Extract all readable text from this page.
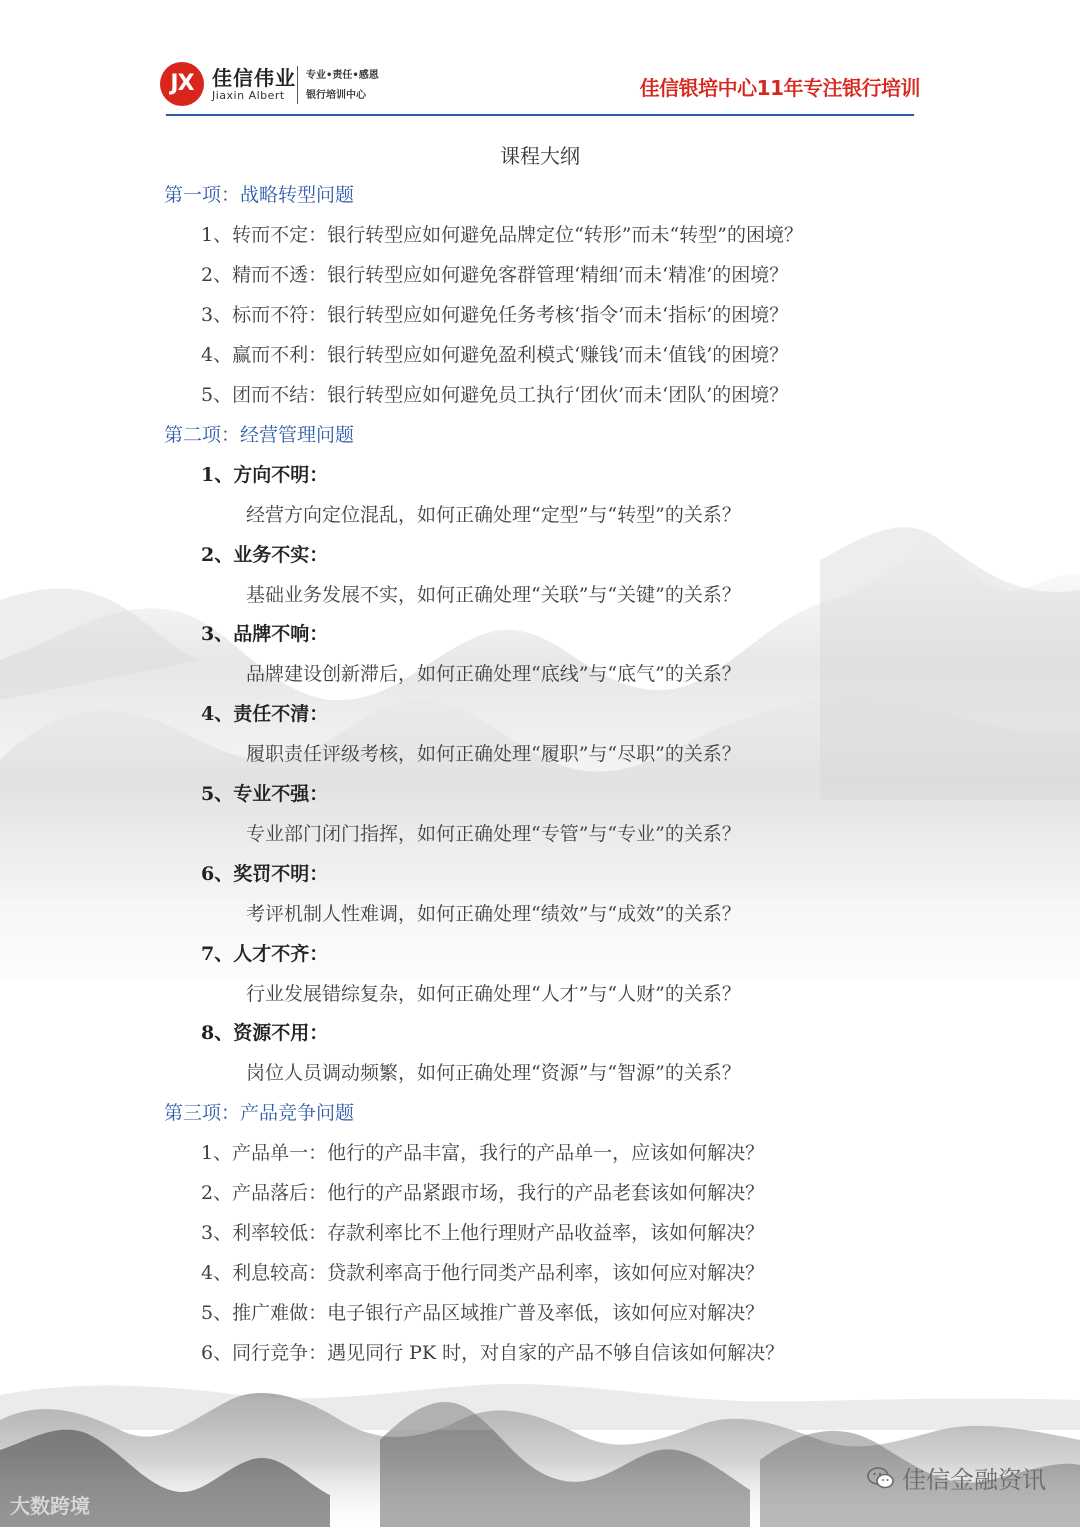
JX 佳信伟业
Jiaxin Albert
专业•责任•感恩
银行培训中心	佳信银培中心11年专注银行培训
课程大纲
第一项：战略转型问题
1、转而不定：银行转型应如何避免品牌定位“转形”而未“转型”的困境？
2、精而不透：银行转型应如何避免客群管理‘精细’而未‘精准’的困境？
3、标而不符：银行转型应如何避免任务考核‘指令’而未‘指标’的困境？
4、赢而不利：银行转型应如何避免盈利模式‘赚钱’而未‘值钱’的困境？
5、团而不结：银行转型应如何避免员工执行‘团伙’而未‘团队’的困境？
第二项：经营管理问题
1、方向不明：
经营方向定位混乱，如何正确处理“定型”与“转型”的关系？
2、业务不实：
基础业务发展不实，如何正确处理“关联”与“关键”的关系？
3、品牌不响：
品牌建设创新滞后，如何正确处理“底线”与“底气”的关系？
4、责任不清：
履职责任评级考核，如何正确处理“履职”与“尽职”的关系？
5、专业不强：
专业部门闭门指挥，如何正确处理“专管”与“专业”的关系？
6、奖罚不明：
考评机制人性难调，如何正确处理“绩效”与“成效”的关系？
7、人才不齐：
行业发展错综复杂，如何正确处理“人才”与“人财”的关系？
8、资源不用：
岗位人员调动频繁，如何正确处理“资源”与“智源”的关系？
第三项：产品竞争问题
1、产品单一：他行的产品丰富，我行的产品单一，应该如何解决？
2、产品落后：他行的产品紧跟市场，我行的产品老套该如何解决？
3、利率较低：存款利率比不上他行理财产品收益率，该如何解决？
4、利息较高：贷款利率高于他行同类产品利率，该如何应对解决？
5、推广难做：电子银行产品区域推广普及率低，该如何应对解决？
6、同行竞争：遇见同行 PK 时，对自家的产品不够自信该如何解决？
佳信金融资讯
大数跨境
